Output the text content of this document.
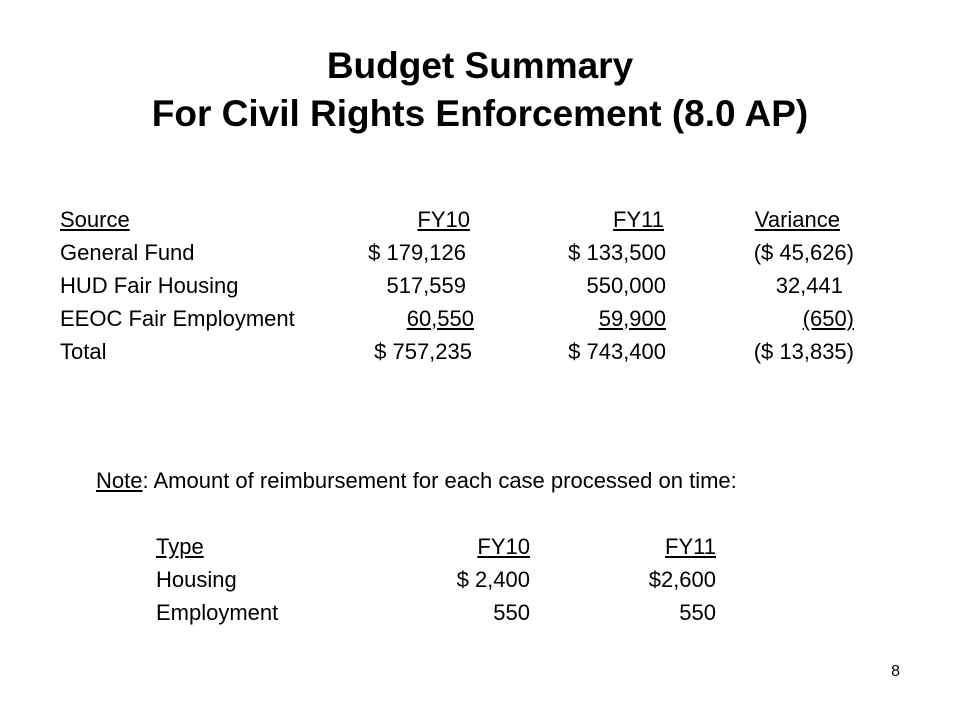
Budget Summary
For Civil Rights Enforcement (8.0 AP)
Source	FY10	FY11	Variance
General Fund	$ 179,126	$ 133,500	($ 45,626)
HUD Fair Housing	517,559	550,000	32,441
EEOC Fair Employment	60,550	59,900	(650)
Total	$ 757,235	$ 743,400	($ 13,835)
Note: Amount of reimbursement for each case processed on time:
Type	FY10	FY11
Housing	$ 2,400	$2,600
Employment	550	550
8
